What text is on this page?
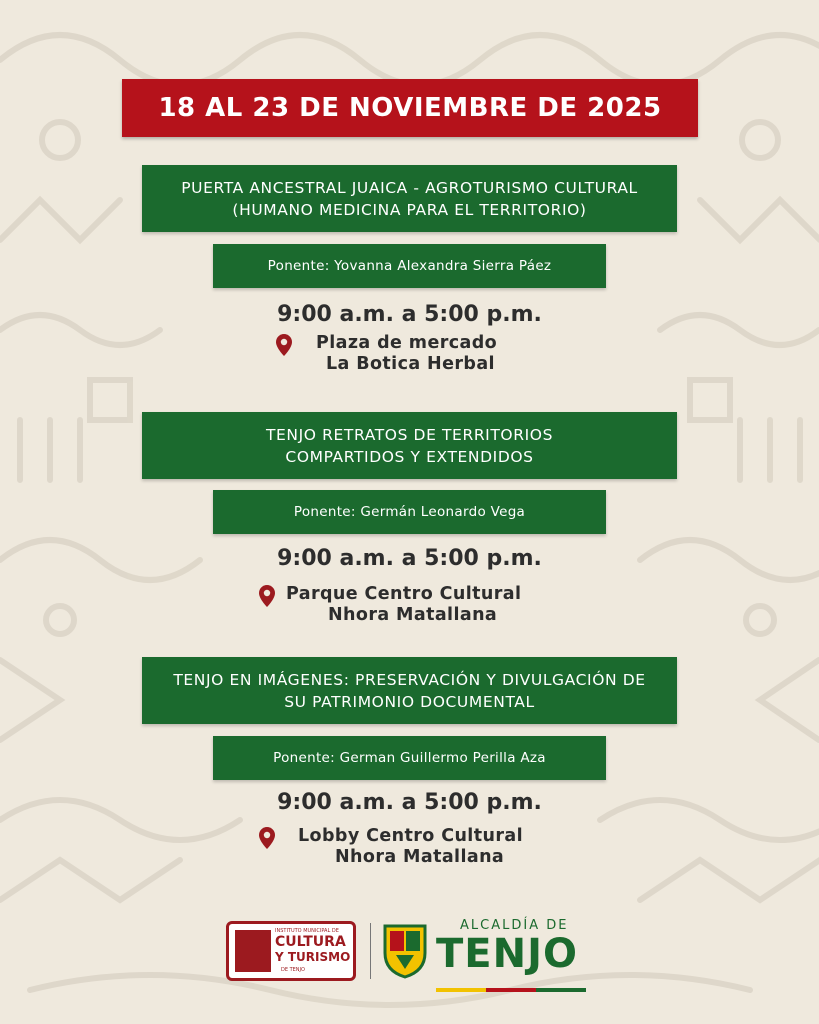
18 AL 23 DE NOVIEMBRE DE 2025
PUERTA ANCESTRAL JUAICA - AGROTURISMO CULTURAL
(HUMANO MEDICINA PARA EL TERRITORIO)
Ponente: Yovanna Alexandra Sierra Páez
9:00 a.m. a 5:00 p.m.
Plaza de mercado
La Botica Herbal
TENJO RETRATOS DE TERRITORIOS
COMPARTIDOS Y EXTENDIDOS
Ponente: Germán Leonardo Vega
9:00 a.m. a 5:00 p.m.
Parque Centro Cultural
Nhora Matallana
TENJO EN IMÁGENES: PRESERVACIÓN Y DIVULGACIÓN DE
SU PATRIMONIO DOCUMENTAL
Ponente: German Guillermo Perilla Aza
9:00 a.m. a 5:00 p.m.
Lobby Centro Cultural
Nhora Matallana
INSTITUTO MUNICIPAL DE
CULTURA
Y TURISMO
DE TENJO
ALCALDÍA DE
TENJO
